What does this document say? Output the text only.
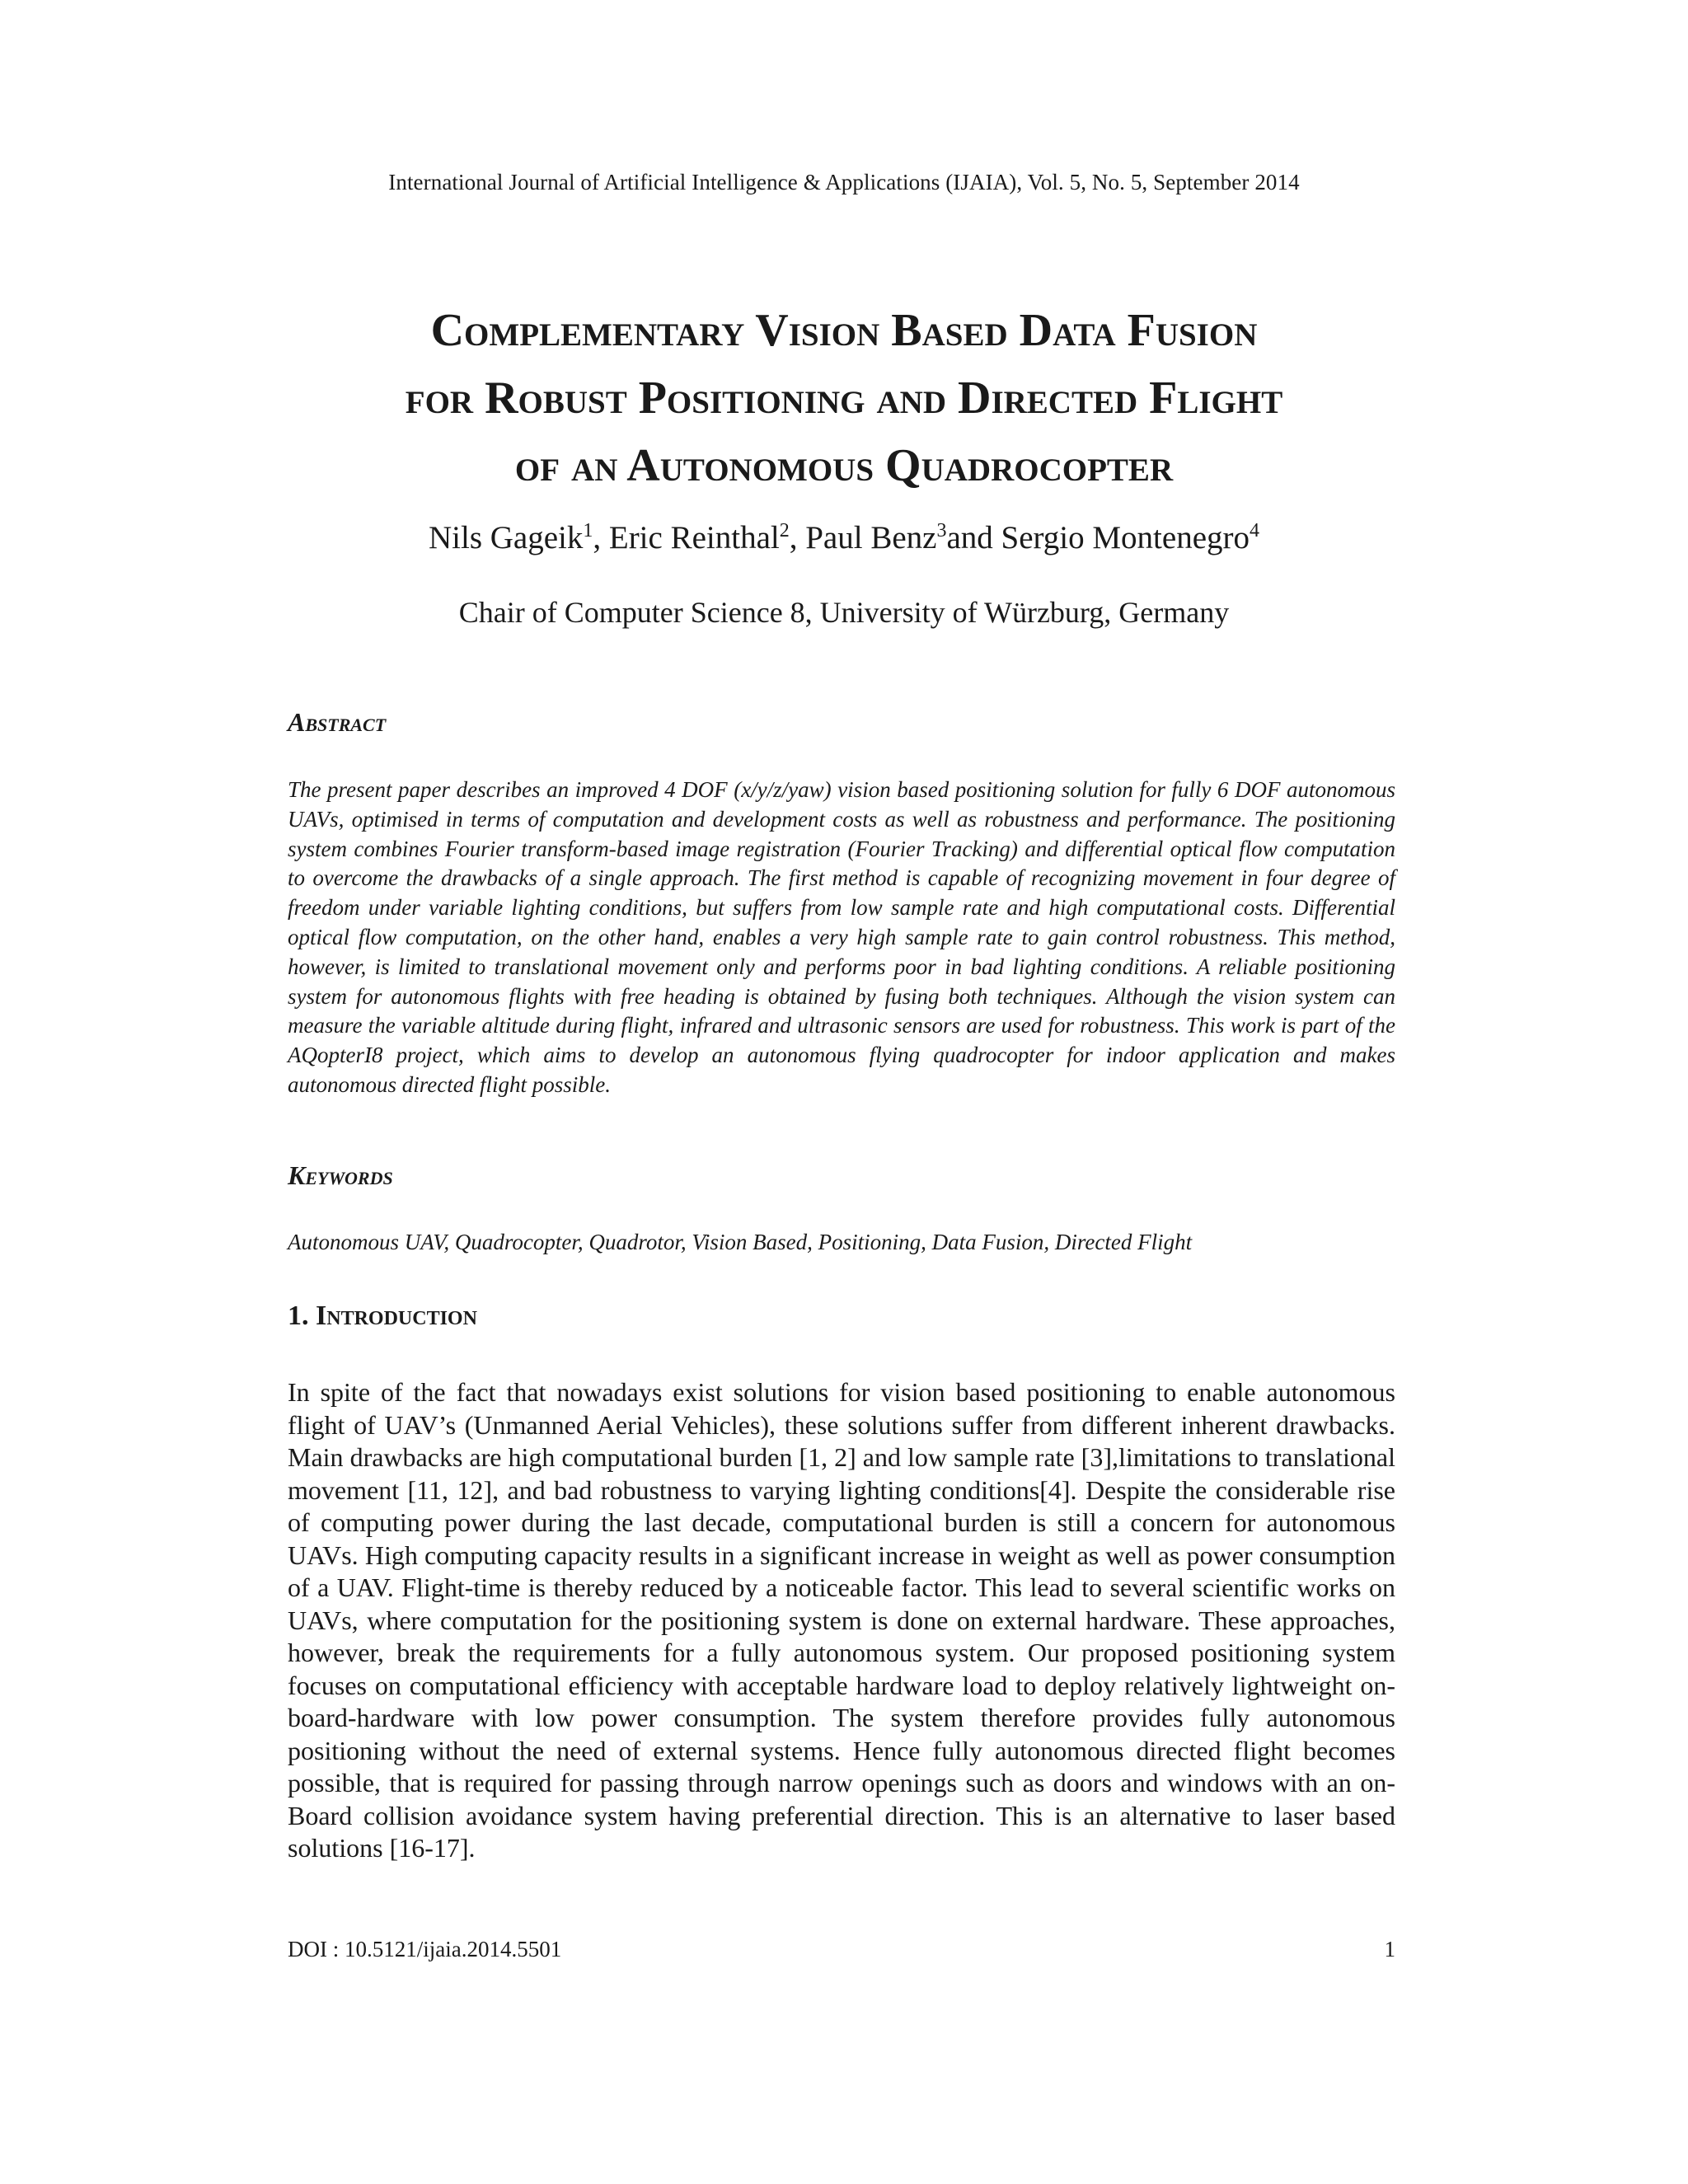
International Journal of Artificial Intelligence & Applications (IJAIA), Vol. 5, No. 5, September 2014
Complementary Vision Based Data Fusion
for Robust Positioning and Directed Flight
of an Autonomous Quadrocopter
Nils Gageik$^1$, Eric Reinthal$^2$, Paul Benz$^3$and Sergio Montenegro$^4$
Chair of Computer Science 8, University of Würzburg, Germany
Abstract
The present paper describes an improved 4 DOF (x/y/z/yaw) vision based positioning solution for fully 6 DOF autonomous UAVs, optimised in terms of computation and development costs as well as robustness and performance. The positioning system combines Fourier transform-based image registration (Fourier Tracking) and differential optical flow computation to overcome the drawbacks of a single approach. The first method is capable of recognizing movement in four degree of freedom under variable lighting conditions, but suffers from low sample rate and high computational costs. Differential optical flow computation, on the other hand, enables a very high sample rate to gain control robustness. This method, however, is limited to translational movement only and performs poor in bad lighting conditions. A reliable positioning system for autonomous flights with free heading is obtained by fusing both techniques. Although the vision system can measure the variable altitude during flight, infrared and ultrasonic sensors are used for robustness. This work is part of the AQopterI8 project, which aims to develop an autonomous flying quadrocopter for indoor application and makes autonomous directed flight possible.
Keywords
Autonomous UAV, Quadrocopter, Quadrotor, Vision Based, Positioning, Data Fusion, Directed Flight
1. Introduction
In spite of the fact that nowadays exist solutions for vision based positioning to enable autonomous flight of UAV’s (Unmanned Aerial Vehicles), these solutions suffer from different inherent drawbacks. Main drawbacks are high computational burden [1, 2] and low sample rate [3],limitations to translational movement [11, 12], and bad robustness to varying lighting conditions[4]. Despite the considerable rise of computing power during the last decade, computational burden is still a concern for autonomous UAVs. High computing capacity results in a significant increase in weight as well as power consumption of a UAV. Flight-time is thereby reduced by a noticeable factor. This lead to several scientific works on UAVs, where computation for the positioning system is done on external hardware. These approaches, however, break the requirements for a fully autonomous system. Our proposed positioning system focuses on computational efficiency with acceptable hardware load to deploy relatively lightweight on-board-hardware with low power consumption. The system therefore provides fully autonomous positioning without the need of external systems. Hence fully autonomous directed flight becomes possible, that is required for passing through narrow openings such as doors and windows with an on-Board collision avoidance system having preferential direction. This is an alternative to laser based solutions [16-17].
DOI : 10.5121/ijaia.2014.5501	1
